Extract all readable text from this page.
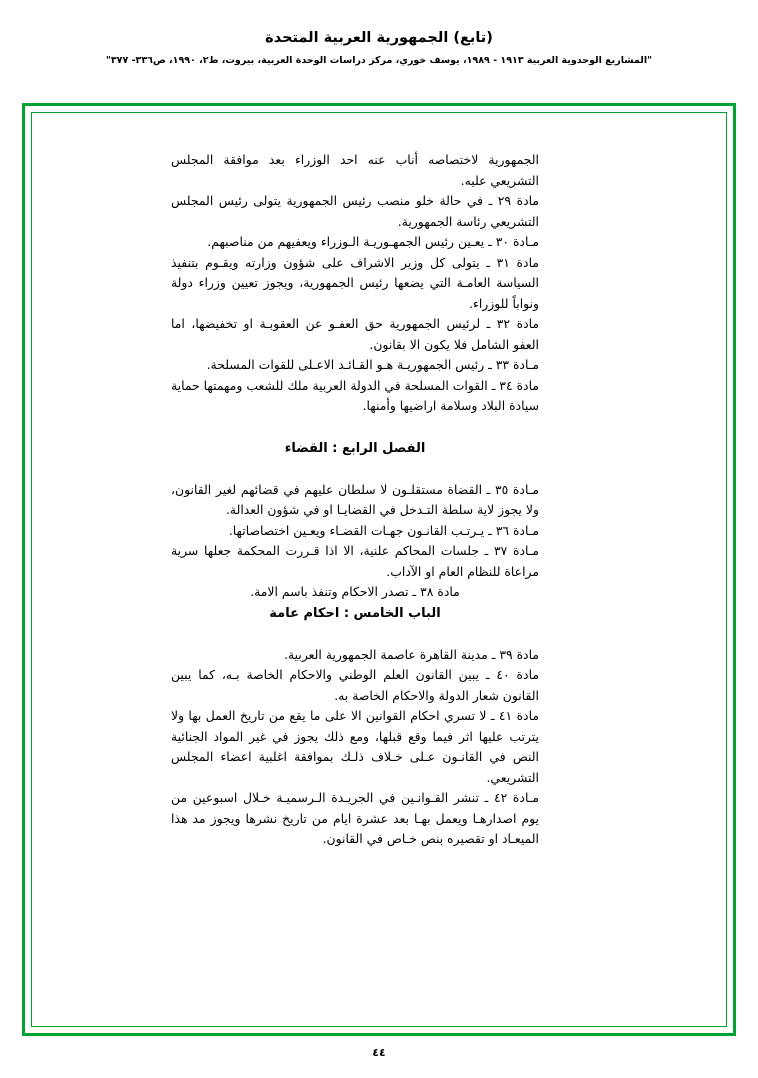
(تابع) الجمهورية العربية المتحدة
"المشاريع الوحدوية العربية ١٩١٣ - ١٩٨٩، يوسف خوري، مركز دراسات الوحدة العربية، بيروت، ط٢، ١٩٩٠، ص٣٣٦- ٣٧٧"

الجمهورية لاختصاصه أناب عنه احد الوزراء بعد موافقة المجلس التشريعي عليه.

مادة ٢٩ ـ في حالة خلو منصب رئيس الجمهورية يتولى رئيس المجلس التشريعي رئاسة الجمهورية.

مـادة ٣٠ ـ يعـين رئيس الجمهـوريـة الـوزراء ويعفيهم من مناصبهم.

مادة ٣١ ـ يتولى كل وزير الاشراف على شؤون وزارته ويقـوم بتنفيذ السياسة العامـة التي يضعها رئيس الجمهورية، ويجوز تعيين وزراء دولة ونواباً للوزراء.

مادة ٣٢ ـ لرئيس الجمهورية حق العفـو عن العقوبـة او تخفيضها، اما العفو الشامل فلا يكون الا بقانون.

مـادة ٣٣ ـ رئيس الجمهوريـة هـو القـائـد الاعـلى للقوات المسلحة.

مادة ٣٤ ـ القوات المسلحة في الدولة العربية ملك للشعب ومهمتها حماية سيادة البلاد وسلامة اراضيها وأمنها.

الفصل الرابع : القضاء

مـادة ٣٥ ـ القضاة مستقلـون لا سلطان عليهم في قضائهم لغير القانون، ولا يجوز لاية سلطة التـدخل في القضايـا او في شؤون العدالة.

مـادة ٣٦ ـ يـرتـب القانـون جهـات القضـاء ويعـين اختصاصاتها.

مـادة ٣٧ ـ جلسات المحاكم علنية، الا اذا قـررت المحكمة جعلها سرية مراعاة للنظام العام او الآداب.

مادة ٣٨ ـ تصدر الاحكام وتنفذ باسم الامة.

الباب الخامس : احكام عامة

مادة ٣٩ ـ مدينة القاهرة عاصمة الجمهورية العربية.

مادة ٤٠ ـ يبين القانون العلم الوطني والاحكام الخاصة بـه، كما يبين القانون شعار الدولة والاحكام الخاصة به.

مادة ٤١ ـ لا تسري احكام القوانين الا على ما يقع من تاريخ العمل بها ولا يترتب عليها اثر فيما وقع قبلها، ومع ذلك يجوز في غير المواد الجنائية النص في القانـون عـلى خـلاف ذلـك بموافقة اغلبية اعضاء المجلس التشريعي.

مـادة ٤٢ ـ تنشر القـوانـين في الجريـدة الـرسميـة خـلال اسبوعين من يوم اصدارهـا ويعمل بهـا بعد عشرة ايام من تاريخ نشرها ويجوز مد هذا الميعـاد او تقصيره بنص خـاص في القانون.

٤٤
